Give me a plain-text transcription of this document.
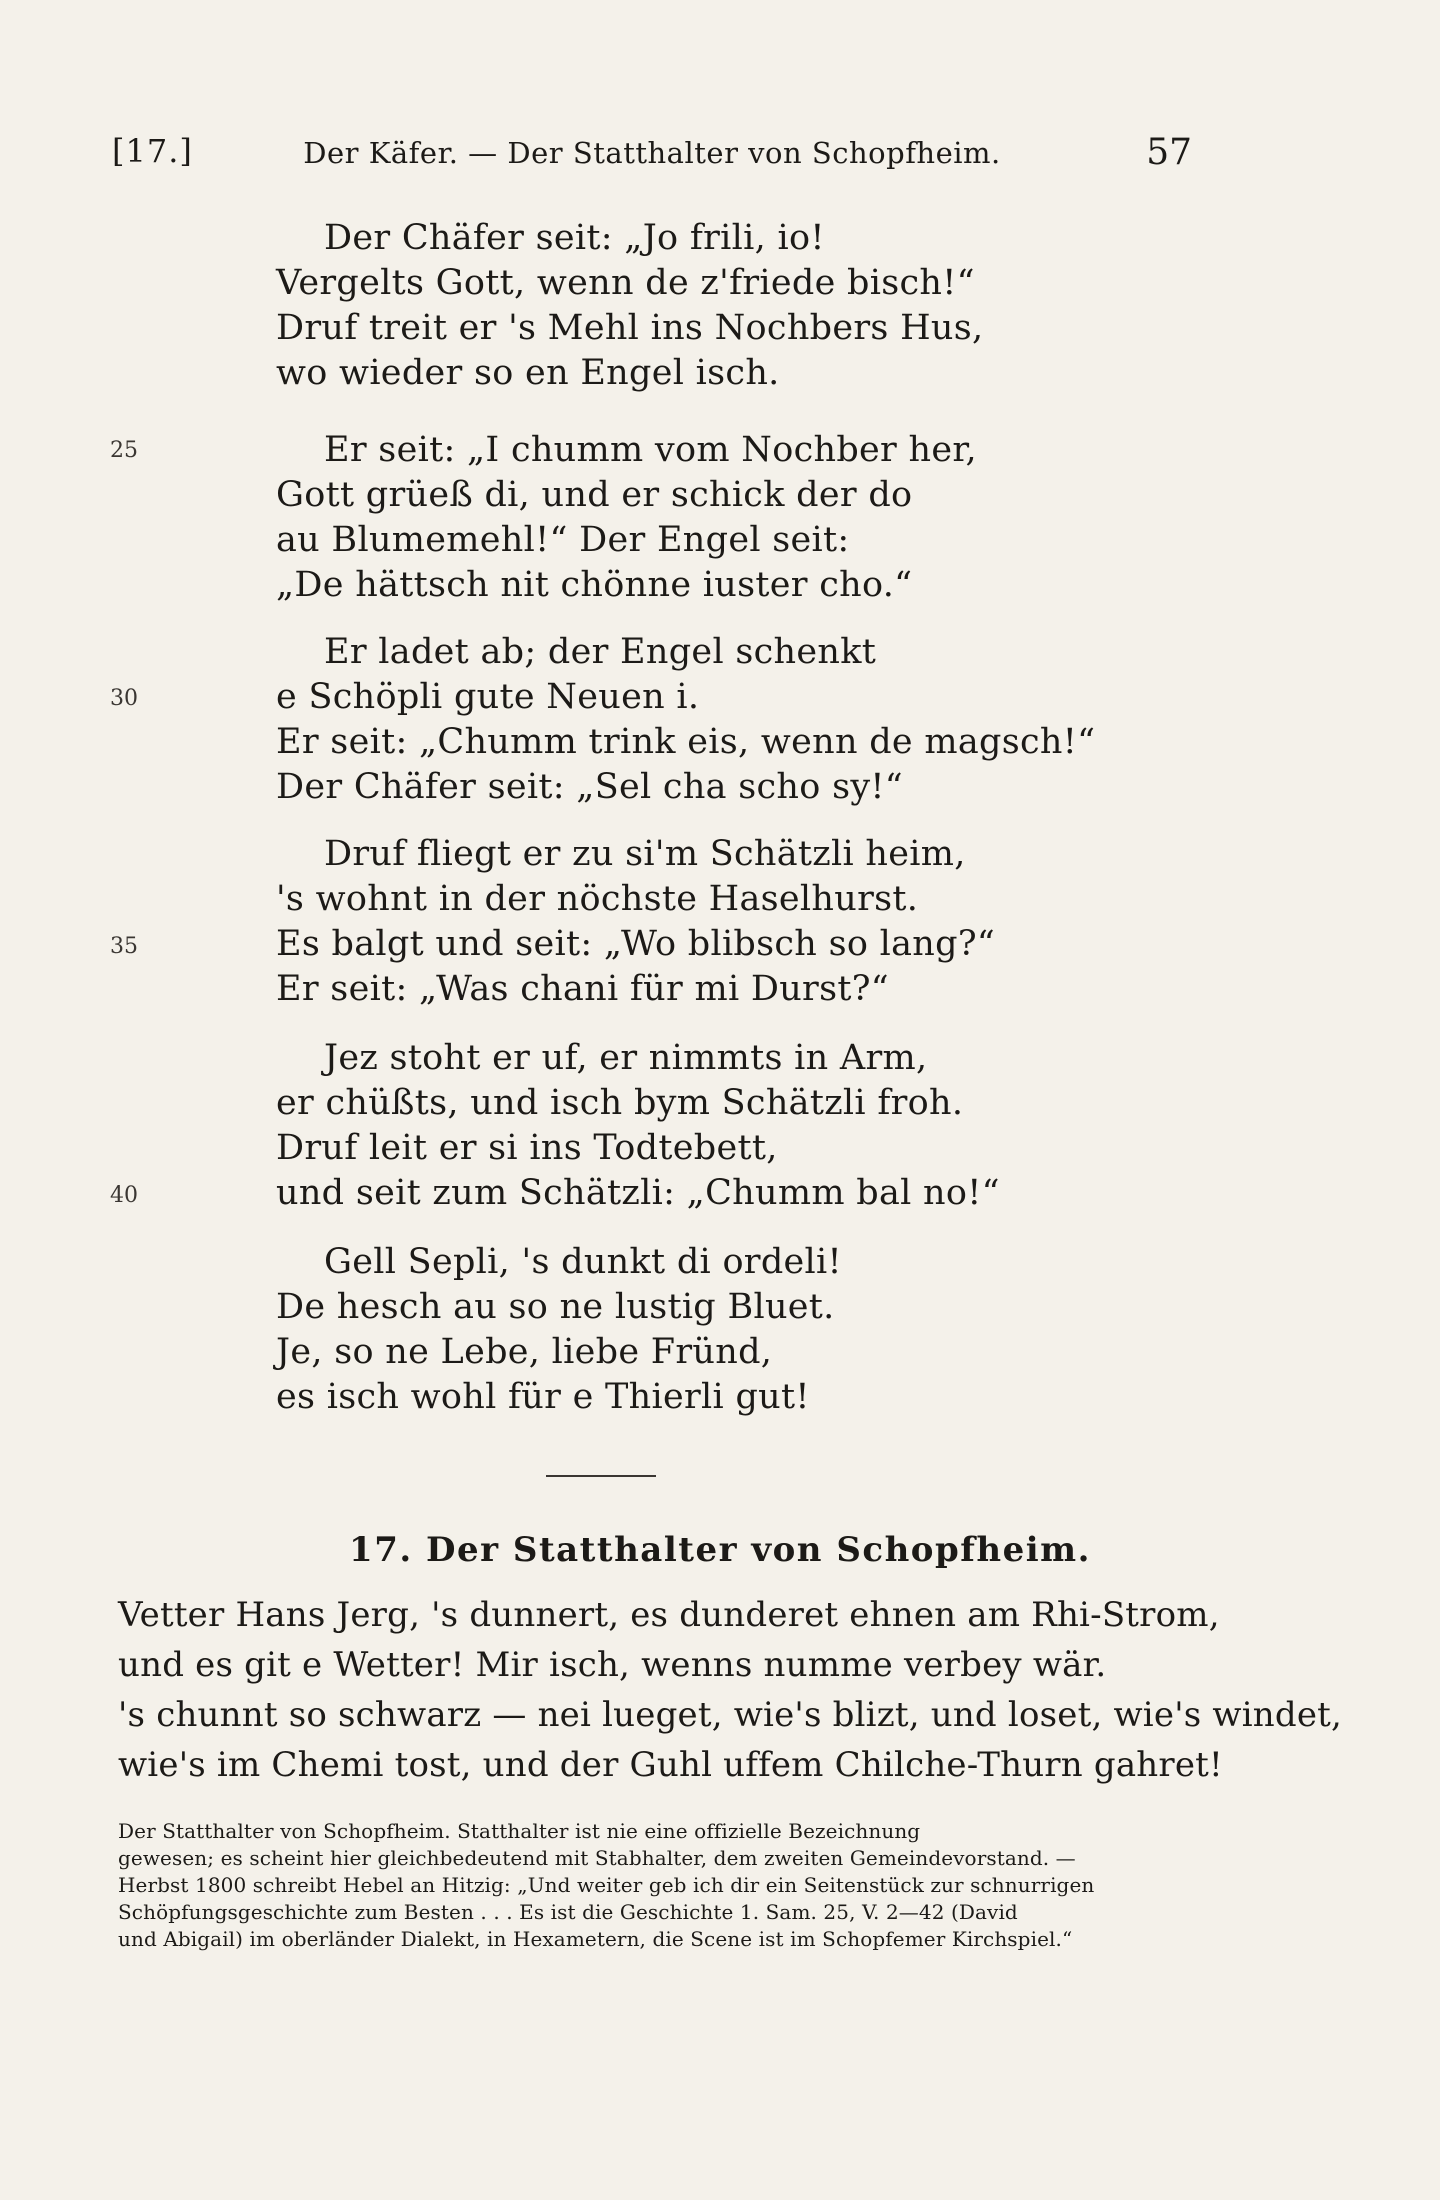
[17.]	Der Käfer. — Der Statthalter von Schopfheim.	57
Der Chäfer seit: „Jo frili, io!
Vergelts Gott, wenn de z'friede bisch!“
Druf treit er 's Mehl ins Nochbers Hus,
wo wieder so en Engel isch.
Er seit: „I chumm vom Nochber her,
Gott grüeß di, und er schick der do
au Blumemehl!“ Der Engel seit:
„De hättsch nit chönne iuster cho.“
Er ladet ab; der Engel schenkt
e Schöpli gute Neuen i.
Er seit: „Chumm trink eis, wenn de magsch!“
Der Chäfer seit: „Sel cha scho sy!“
Druf fliegt er zu si'm Schätzli heim,
's wohnt in der nöchste Haselhurst.
Es balgt und seit: „Wo blibsch so lang?“
Er seit: „Was chani für mi Durst?“
Jez stoht er uf, er nimmts in Arm,
er chüßts, und isch bym Schätzli froh.
Druf leit er si ins Todtebett,
und seit zum Schätzli: „Chumm bal no!“
Gell Sepli, 's dunkt di ordeli!
De hesch au so ne lustig Bluet.
Je, so ne Lebe, liebe Fründ,
es isch wohl für e Thierli gut!
25
30
35
40
17. Der Statthalter von Schopfheim.
Vetter Hans Jerg, 's dunnert, es dunderet ehnen am Rhi-Strom,
und es git e Wetter! Mir isch, wenns numme verbey wär.
's chunnt so schwarz — nei lueget, wie's blizt, und loset, wie's windet,
wie's im Chemi tost, und der Guhl uffem Chilche-Thurn gahret!
Der Statthalter von Schopfheim. Statthalter ist nie eine offizielle Bezeichnung
gewesen; es scheint hier gleichbedeutend mit Stabhalter, dem zweiten Gemeindevorstand. —
Herbst 1800 schreibt Hebel an Hitzig: „Und weiter geb ich dir ein Seitenstück zur schnurrigen
Schöpfungsgeschichte zum Besten . . . Es ist die Geschichte 1. Sam. 25, V. 2—42 (David
und Abigail) im oberländer Dialekt, in Hexametern, die Scene ist im Schopfemer Kirchspiel.“
